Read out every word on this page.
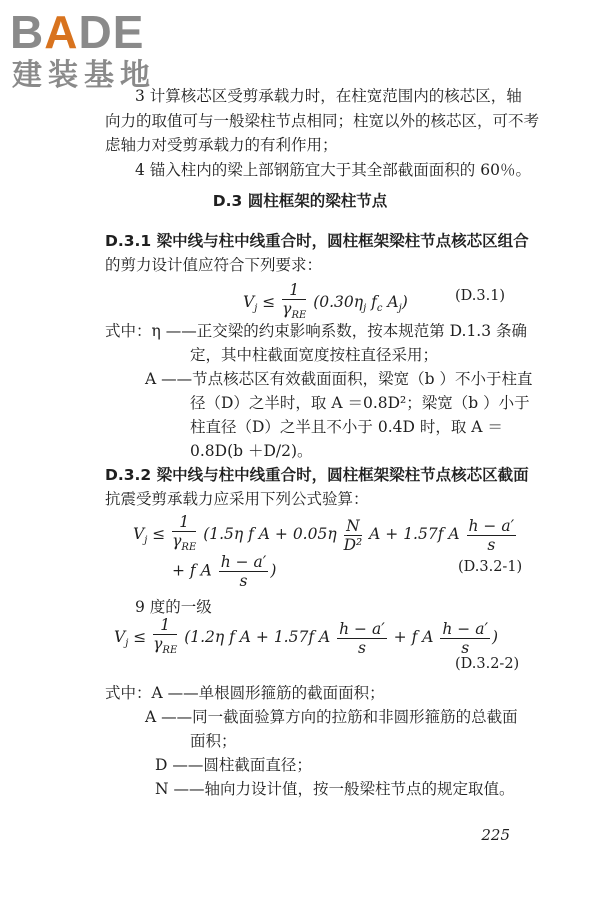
BADE
建装基地
3 计算核芯区受剪承载力时，在柱宽范围内的核芯区，轴
向力的取值可与一般梁柱节点相同；柱宽以外的核芯区，可不考
虑轴力对受剪承载力的有利作用；
4 锚入柱内的梁上部钢筋宜大于其全部截面面积的 60％。
D.3 圆柱框架的梁柱节点
D.3.1 梁中线与柱中线重合时，圆柱框架梁柱节点核芯区组合
的剪力设计值应符合下列要求：
$V_j \le \frac{1}{\gamma_{RE}} (0.30\eta_j$ $f_c$ $A_j$)	(D.3.1)
式中：η ——正交梁的约束影响系数，按本规范第 D.1.3 条确
定，其中柱截面宽度按柱直径采用；
A ——节点核芯区有效截面面积，梁宽（b ）不小于柱直
径（D）之半时，取 A ＝0.8D²；梁宽（b ）小于
柱直径（D）之半且不小于 0.4D 时，取 A ＝
0.8D(b ＋D/2)。
D.3.2 梁中线与柱中线重合时，圆柱框架梁柱节点核芯区截面
抗震受剪承载力应采用下列公式验算：
$V_j \le \frac{1}{\gamma_{RE}} (1.5\eta$ f $A + 0.05\eta \frac{N}{\text{D²}}$ A + 1.57f A $\frac{h - a'}{s}$
+ f A $\frac{h - a'}{s}$ )	(D.3.2-1)
9 度的一级
$V_j \le \frac{1}{\gamma_{RE}} (1.2\eta$ f A + 1.57f A $\frac{h - a'}{s} + f$ A $\frac{h - a'}{s}$ )
(D.3.2-2)
式中：A ——单根圆形箍筋的截面面积；
A ——同一截面验算方向的拉筋和非圆形箍筋的总截面
面积；
D ——圆柱截面直径；
N ——轴向力设计值，按一般梁柱节点的规定取值。
225
